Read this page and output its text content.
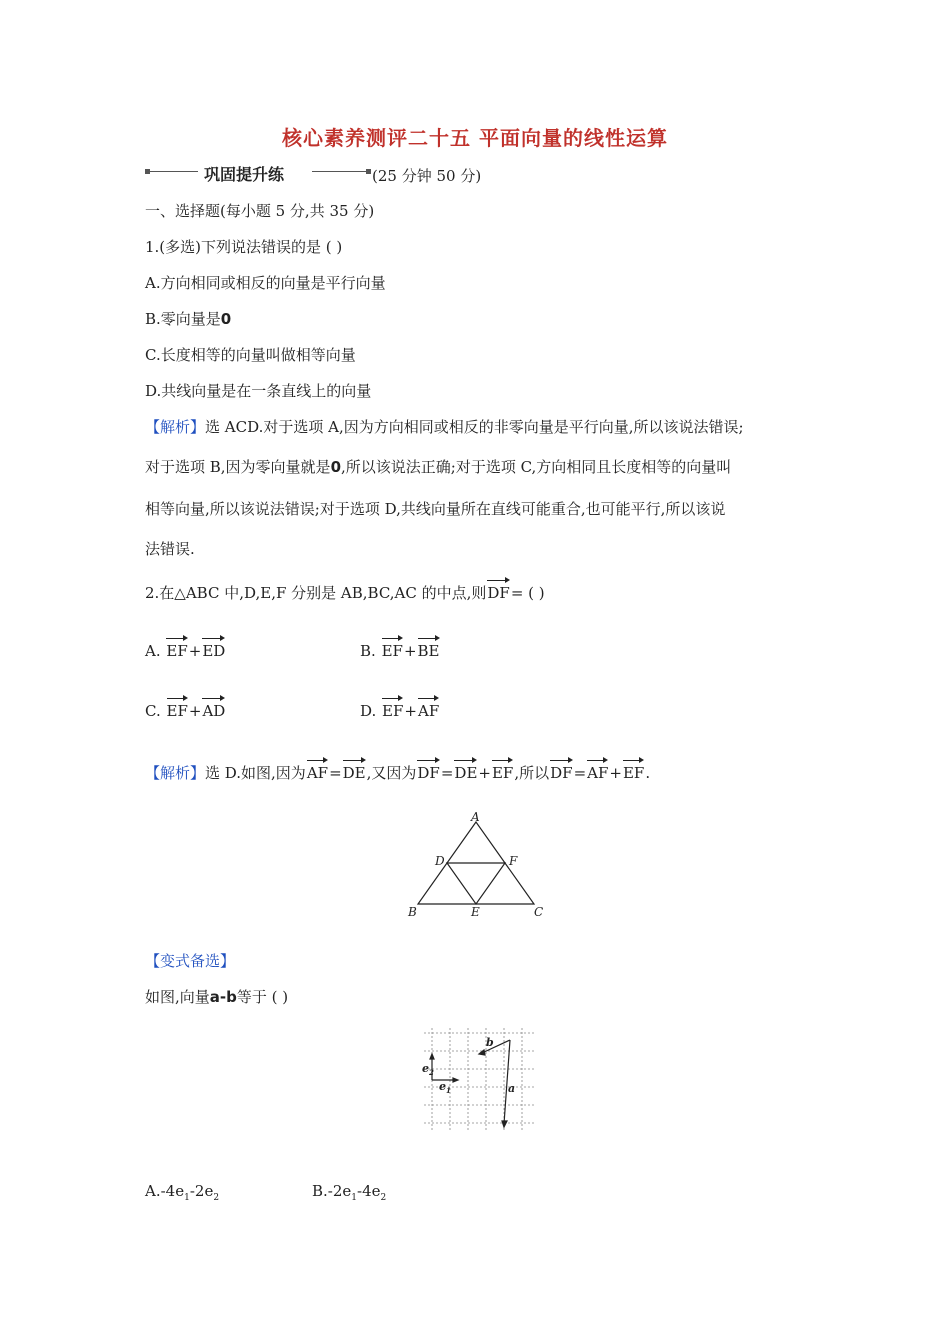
核心素养测评二十五 平面向量的线性运算
巩固提升练	(25 分钟 50 分)
一、选择题(每小题 5 分,共 35 分)
1.(多选)下列说法错误的是 ( )
A.方向相同或相反的向量是平行向量
B.零向量是0
C.长度相等的向量叫做相等向量
D.共线向量是在一条直线上的向量
【解析】选 ACD.对于选项 A,因为方向相同或相反的非零向量是平行向量,所以该说法错误;
对于选项 B,因为零向量就是0,所以该说法正确;对于选项 C,方向相同且长度相等的向量叫
相等向量,所以该说法错误;对于选项 D,共线向量所在直线可能重合,也可能平行,所以该说
法错误.
2.在△ABC 中,D,E,F 分别是 AB,BC,AC 的中点,则DF= ( )
A. EF+ED	B. EF+BE
C. EF+AD	D. EF+AF
【解析】选 D.如图,因为AF=DE,又因为DF=DE+EF,所以DF=AF+EF.
A
B	C
D	F
E
【变式备选】
如图,向量a-b等于 ( )
b
a
$e_1$
$e_2$
$A.-4e_1-2e_2$	$B.-2e_1-4e_2$
